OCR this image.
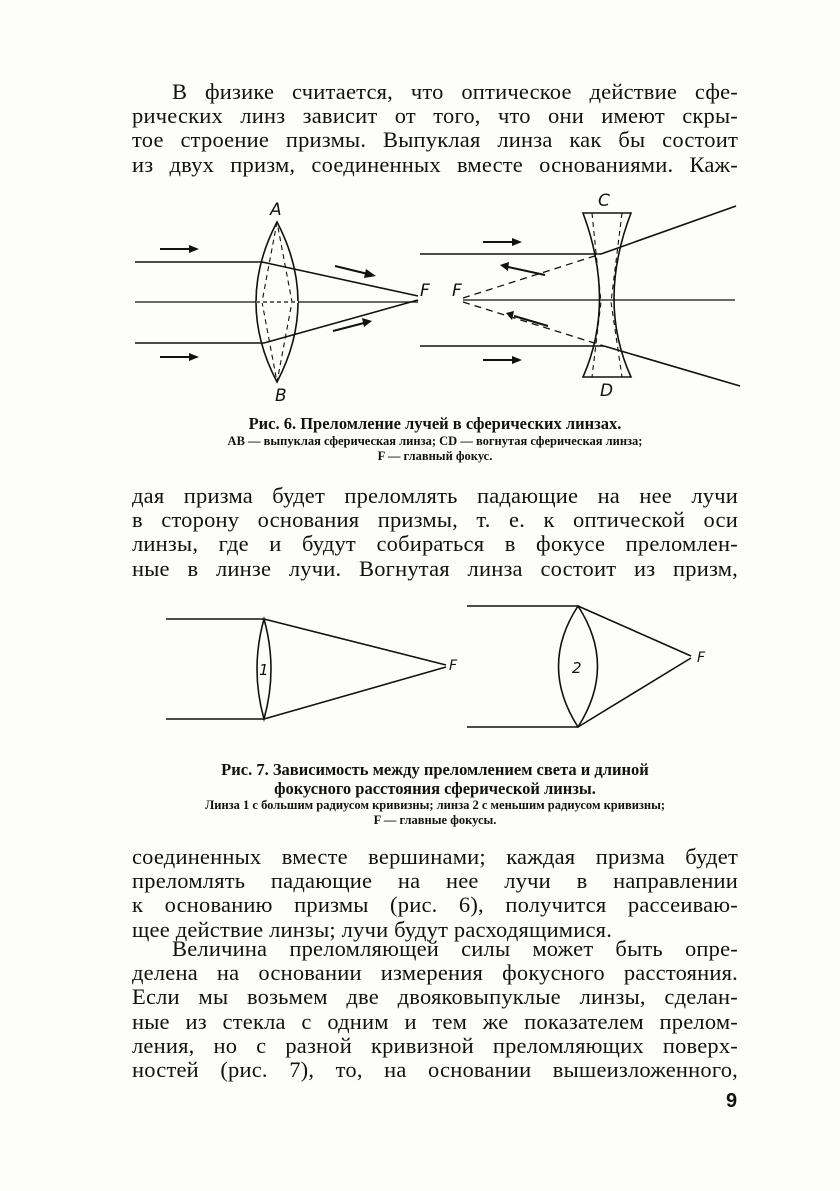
В физике считается, что оптическое действие сфе-
рических линз зависит от того, что они имеют скры-
тое строение призмы. Выпуклая линза как бы состоит
из двух призм, соединенных вместе основаниями. Каж-
A
B
F F
C
D
Рис. 6. Преломление лучей в сферических линзах.
AB — выпуклая сферическая линза; CD — вогнутая сферическая линза;
F — главный фокус.
дая призма будет преломлять падающие на нее лучи
в сторону основания призмы, т. е. к оптической оси
линзы, где и будут собираться в фокусе преломлен-
ные в линзе лучи. Вогнутая линза состоит из призм,
1	2
F	F
Рис. 7. Зависимость между преломлением света и длиной
фокусного расстояния сферической линзы.
Линза 1 с большим радиусом кривизны; линза 2 с меньшим радиусом кривизны;
F — главные фокусы.
соединенных вместе вершинами; каждая призма будет
преломлять падающие на нее лучи в направлении
к основанию призмы (рис. 6), получится рассеиваю-
щее действие линзы; лучи будут расходящимися.
Величина преломляющей силы может быть опре-
делена на основании измерения фокусного расстояния.
Если мы возьмем две двояковыпуклые линзы, сделан-
ные из стекла с одним и тем же показателем прелом-
ления, но с разной кривизной преломляющих поверх-
ностей (рис. 7), то, на основании вышеизложенного,
9
